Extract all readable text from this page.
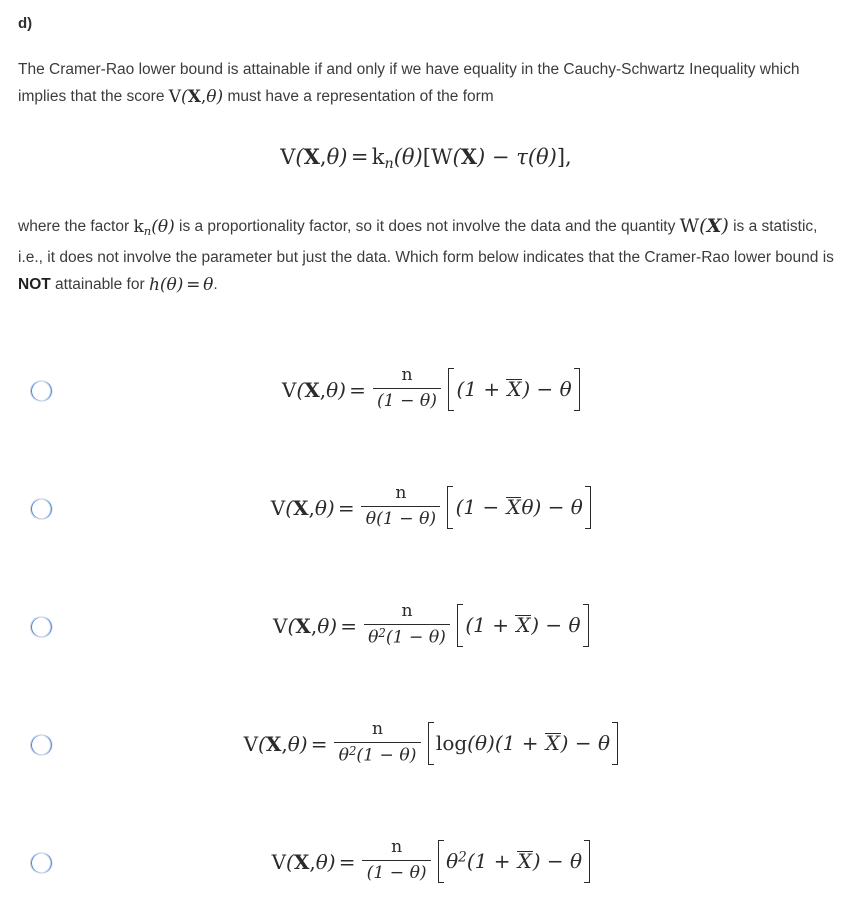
d)

The Cramer-Rao lower bound is attainable if and only if we have equality in the Cauchy-Schwartz Inequality which implies that the score V(X,θ) must have a representation of the form

$V(X,\theta) = k_n(\theta)[W(X) - \tau(\theta)]$,

where the factor $k_n(\theta)$ is a proportionality factor, so it does not involve the data and the quantity W(X) is a statistic, i.e., it does not involve the parameter but just the data. Which form below indicates that the Cramer-Rao lower bound is NOT attainable for h(θ) = θ.

$V(X,\theta) = \frac{n}{(1 - \theta)} (1 + X) - \theta$
$V(X,\theta) = \frac{n}{\theta(1 - \theta)} (1 - X\theta) - \theta$
$V(X,\theta) = \frac{n}{\theta^2(1 - \theta)} (1 + X) - \theta$
$V(X,\theta) = \frac{n}{\theta^2(1 - \theta)} \log(\theta)(1 + X) - \theta$
$V(X,\theta) = \frac{n}{(1 - \theta)} \theta^2(1 + X) - \theta$
